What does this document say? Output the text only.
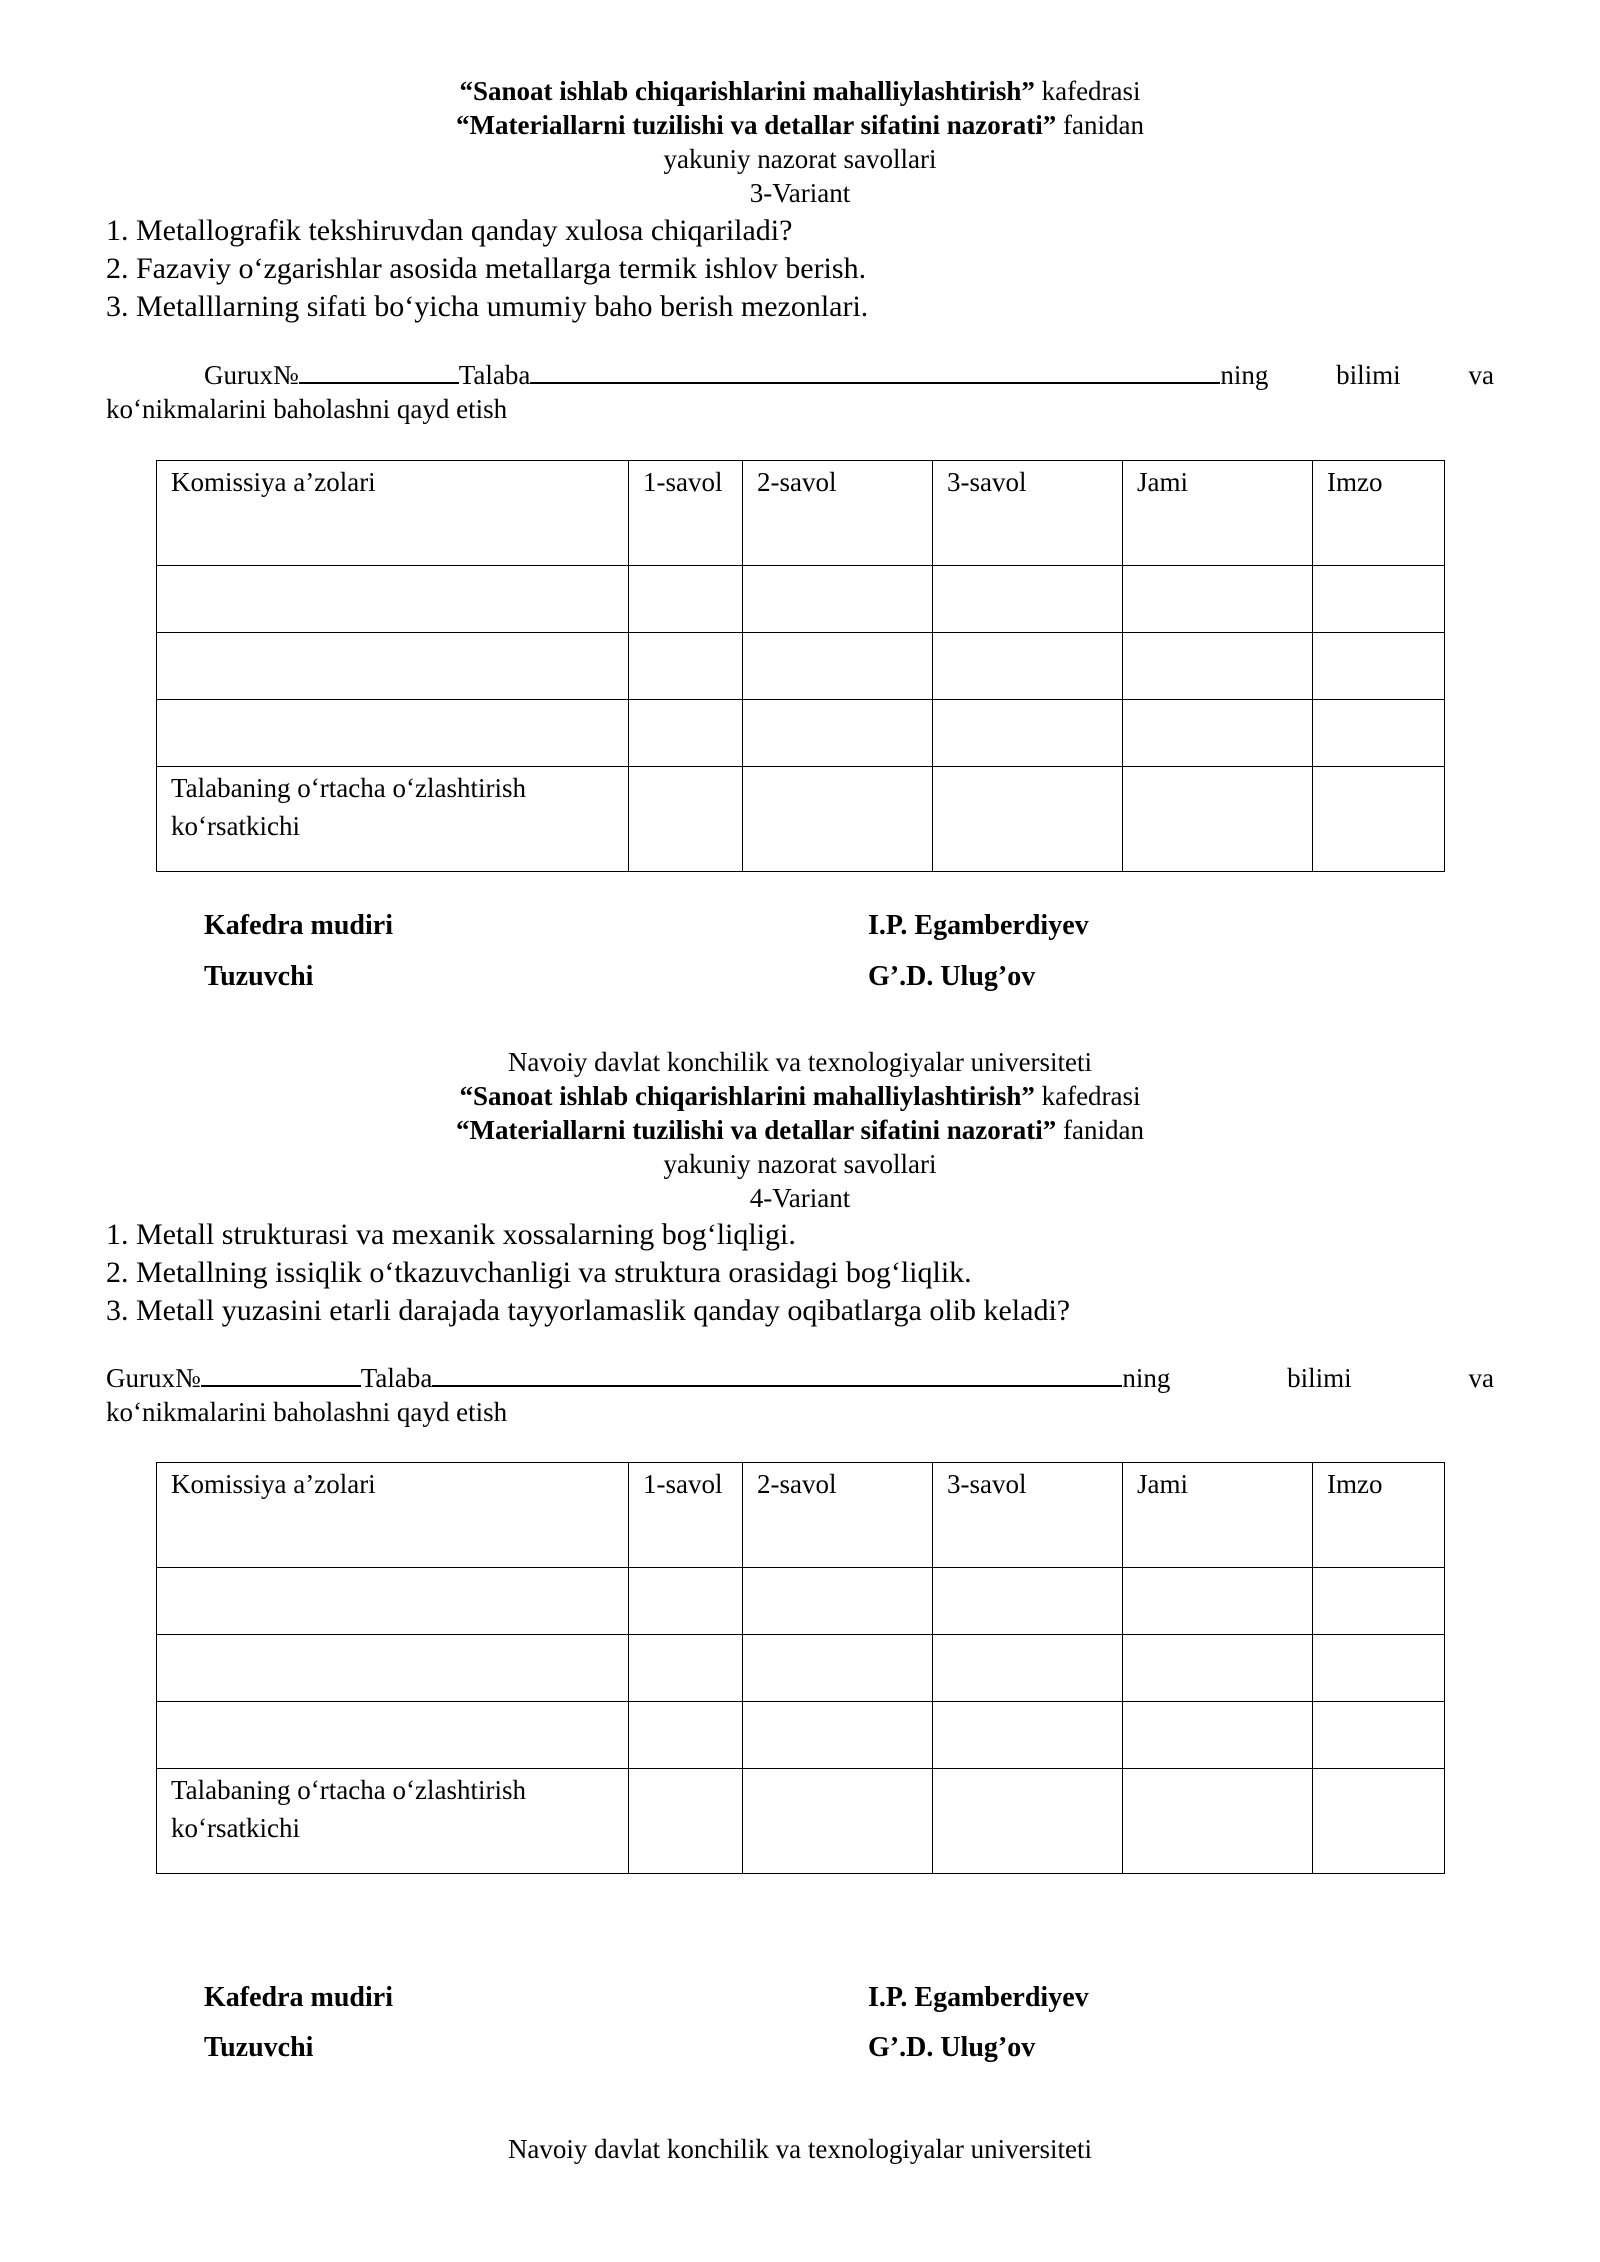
“Sanoat ishlab chiqarishlarini mahalliylashtirish” kafedrasi
“Materiallarni tuzilishi va detallar sifatini nazorati” fanidan
yakuniy nazorat savollari
3-Variant
1. Metallografik tekshiruvdan qanday xulosa chiqariladi?
2. Fazaviy o‘zgarishlar asosida metallarga termik ishlov berish.
3. Metalllarning sifati bo‘yicha umumiy baho berish mezonlari.
Gurux№	Talaba	ning	bilimi	va
ko‘nikmalarini baholashni qayd etish
Komissiya a’zolari	1-savol	2-savol	3-savol	Jami	Imzo

Talabaning o‘rtacha o‘zlashtirish ko‘rsatkichi					
Kafedra mudiri	I.P. Egamberdiyev
Tuzuvchi	G’.D. Ulug’ov
Navoiy davlat konchilik va texnologiyalar universiteti
“Sanoat ishlab chiqarishlarini mahalliylashtirish” kafedrasi
“Materiallarni tuzilishi va detallar sifatini nazorati” fanidan
yakuniy nazorat savollari
4-Variant
1. Metall strukturasi va mexanik xossalarning bog‘liqligi.
2. Metallning issiqlik o‘tkazuvchanligi va struktura orasidagi bog‘liqlik.
3. Metall yuzasini etarli darajada tayyorlamaslik qanday oqibatlarga olib keladi?
Gurux№	Talaba	ning	bilimi	va
ko‘nikmalarini baholashni qayd etish
Komissiya a’zolari	1-savol	2-savol	3-savol	Jami	Imzo

Talabaning o‘rtacha o‘zlashtirish ko‘rsatkichi					
Kafedra mudiri	I.P. Egamberdiyev
Tuzuvchi	G’.D. Ulug’ov
Navoiy davlat konchilik va texnologiyalar universiteti
